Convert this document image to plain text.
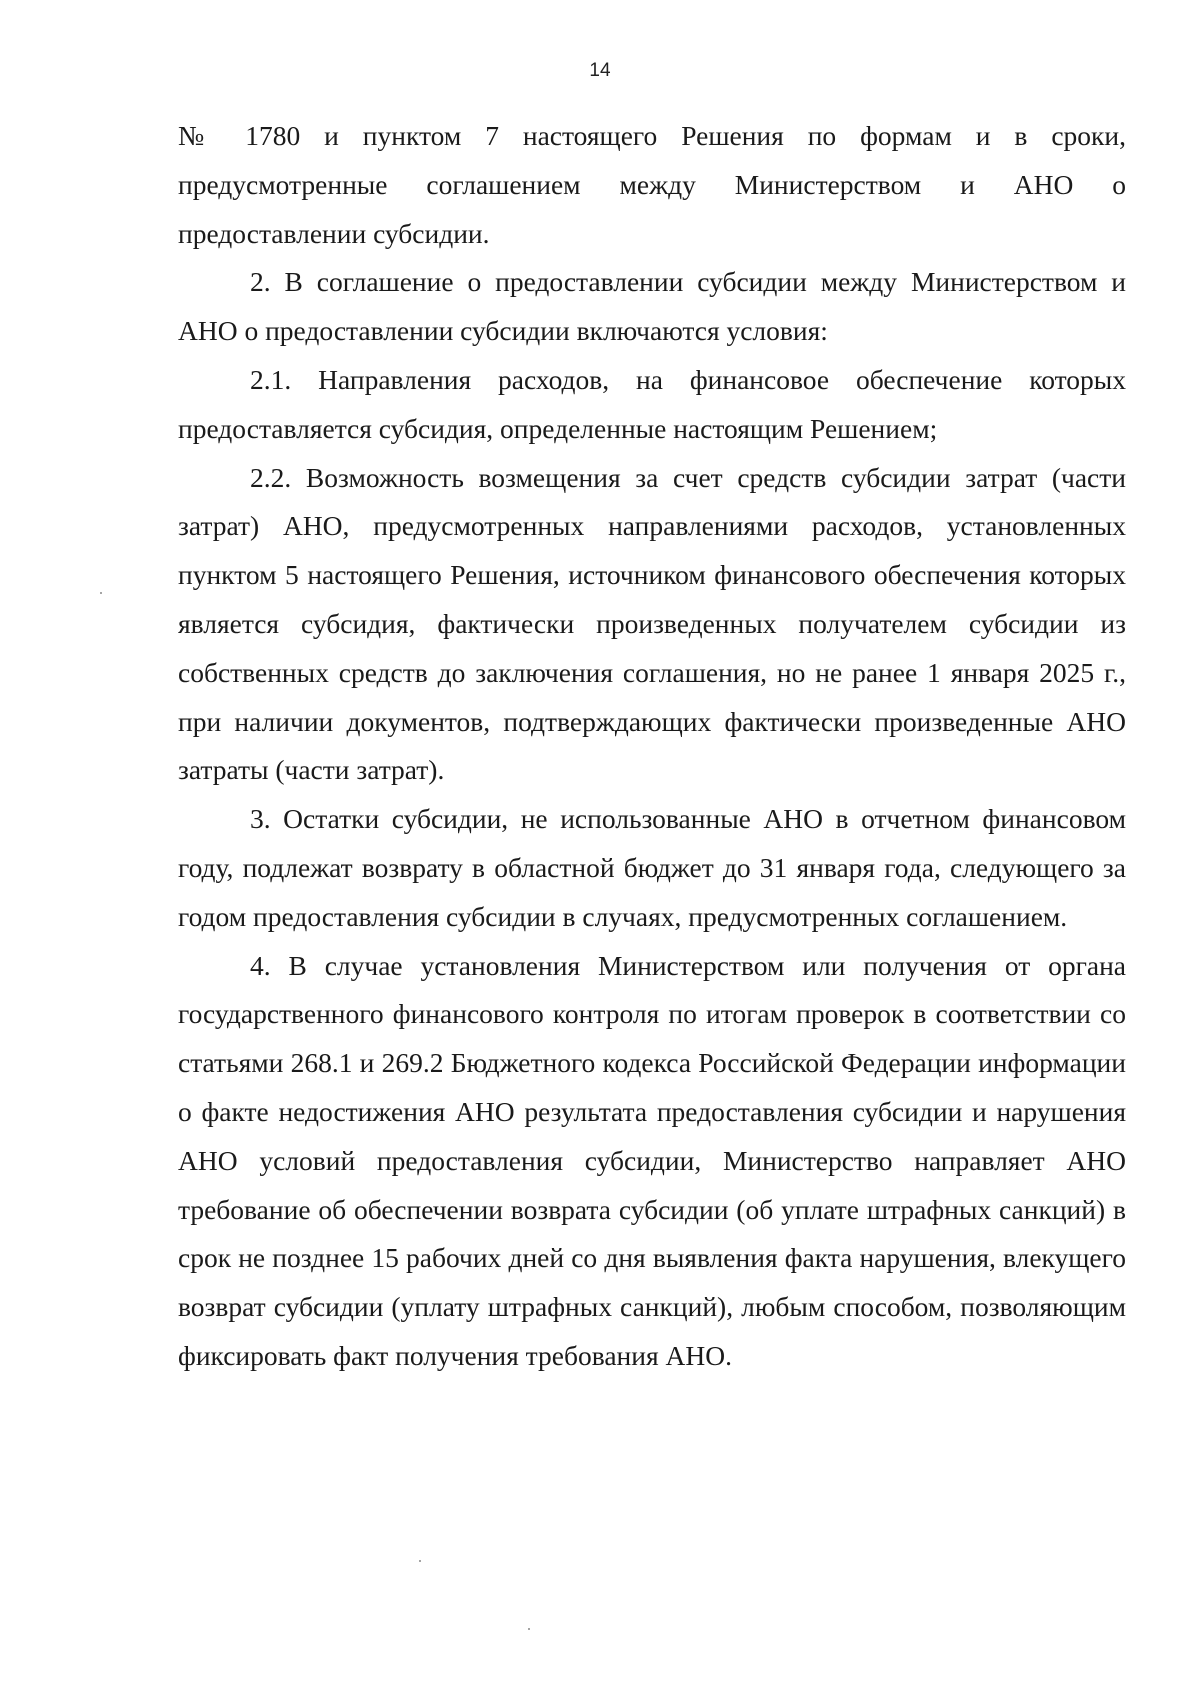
14

№ 1780 и пунктом 7 настоящего Решения по формам и в сроки, предусмотренные соглашением между Министерством и АНО о предоставлении субсидии.

2. В соглашение о предоставлении субсидии между Министерством и АНО о предоставлении субсидии включаются условия:

2.1. Направления расходов, на финансовое обеспечение которых предоставляется субсидия, определенные настоящим Решением;

2.2. Возможность возмещения за счет средств субсидии затрат (части затрат) АНО, предусмотренных направлениями расходов, установленных пунктом 5 настоящего Решения, источником финансового обеспечения которых является субсидия, фактически произведенных получателем субсидии из собственных средств до заключения соглашения, но не ранее 1 января 2025 г., при наличии документов, подтверждающих фактически произведенные АНО затраты (части затрат).

3. Остатки субсидии, не использованные АНО в отчетном финансовом году, подлежат возврату в областной бюджет до 31 января года, следующего за годом предоставления субсидии в случаях, предусмотренных соглашением.

4. В случае установления Министерством или получения от органа государственного финансового контроля по итогам проверок в соответствии со статьями 268.1 и 269.2 Бюджетного кодекса Российской Федерации информации о факте недостижения АНО результата предоставления субсидии и нарушения АНО условий предоставления субсидии, Министерство направляет АНО требование об обеспечении возврата субсидии (об уплате штрафных санкций) в срок не позднее 15 рабочих дней со дня выявления факта нарушения, влекущего возврат субсидии (уплату штрафных санкций), любым способом, позволяющим фиксировать факт получения требования АНО.
